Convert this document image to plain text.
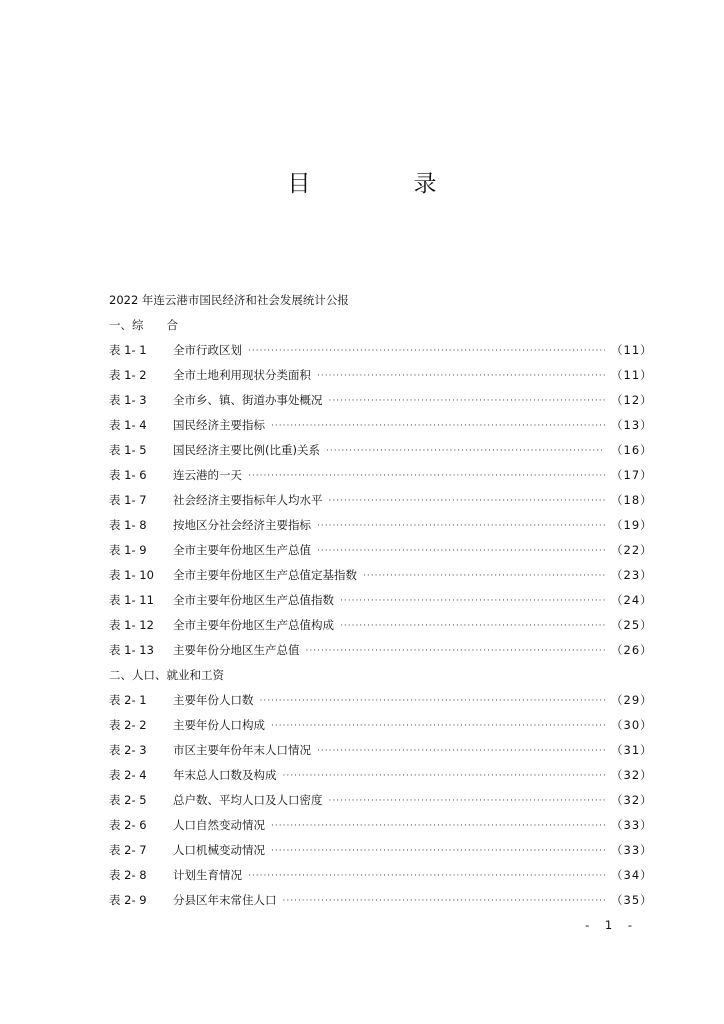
目　录
2022 年连云港市国民经济和社会发展统计公报
一、综　　合
表 1- 1	全市行政区划 ·····	（11）
表 1- 2	全市土地利用现状分类面积 ·····	（11）
表 1- 3	全市乡、镇、街道办事处概况 ·····	（12）
表 1- 4	国民经济主要指标 ·····	（13）
表 1- 5	国民经济主要比例(比重)关系 ·····	（16）
表 1- 6	连云港的一天 ·····	（17）
表 1- 7	社会经济主要指标年人均水平 ·····	（18）
表 1- 8	按地区分社会经济主要指标 ·····	（19）
表 1- 9	全市主要年份地区生产总值 ·····	（22）
表 1- 10	全市主要年份地区生产总值定基指数 ·····	（23）
表 1- 11	全市主要年份地区生产总值指数 ·····	（24）
表 1- 12	全市主要年份地区生产总值构成 ·····	（25）
表 1- 13	主要年份分地区生产总值 ·····	（26）
二、人口、就业和工资
表 2- 1	主要年份人口数 ·····	（29）
表 2- 2	主要年份人口构成 ·····	（30）
表 2- 3	市区主要年份年末人口情况 ·····	（31）
表 2- 4	年末总人口数及构成 ·····	（32）
表 2- 5	总户数、平均人口及人口密度 ·····	（32）
表 2- 6	人口自然变动情况 ·····	（33）
表 2- 7	人口机械变动情况 ·····	（33）
表 2- 8	计划生育情况 ·····	（34）
表 2- 9	分县区年末常住人口 ·····	（35）
- 1 -
